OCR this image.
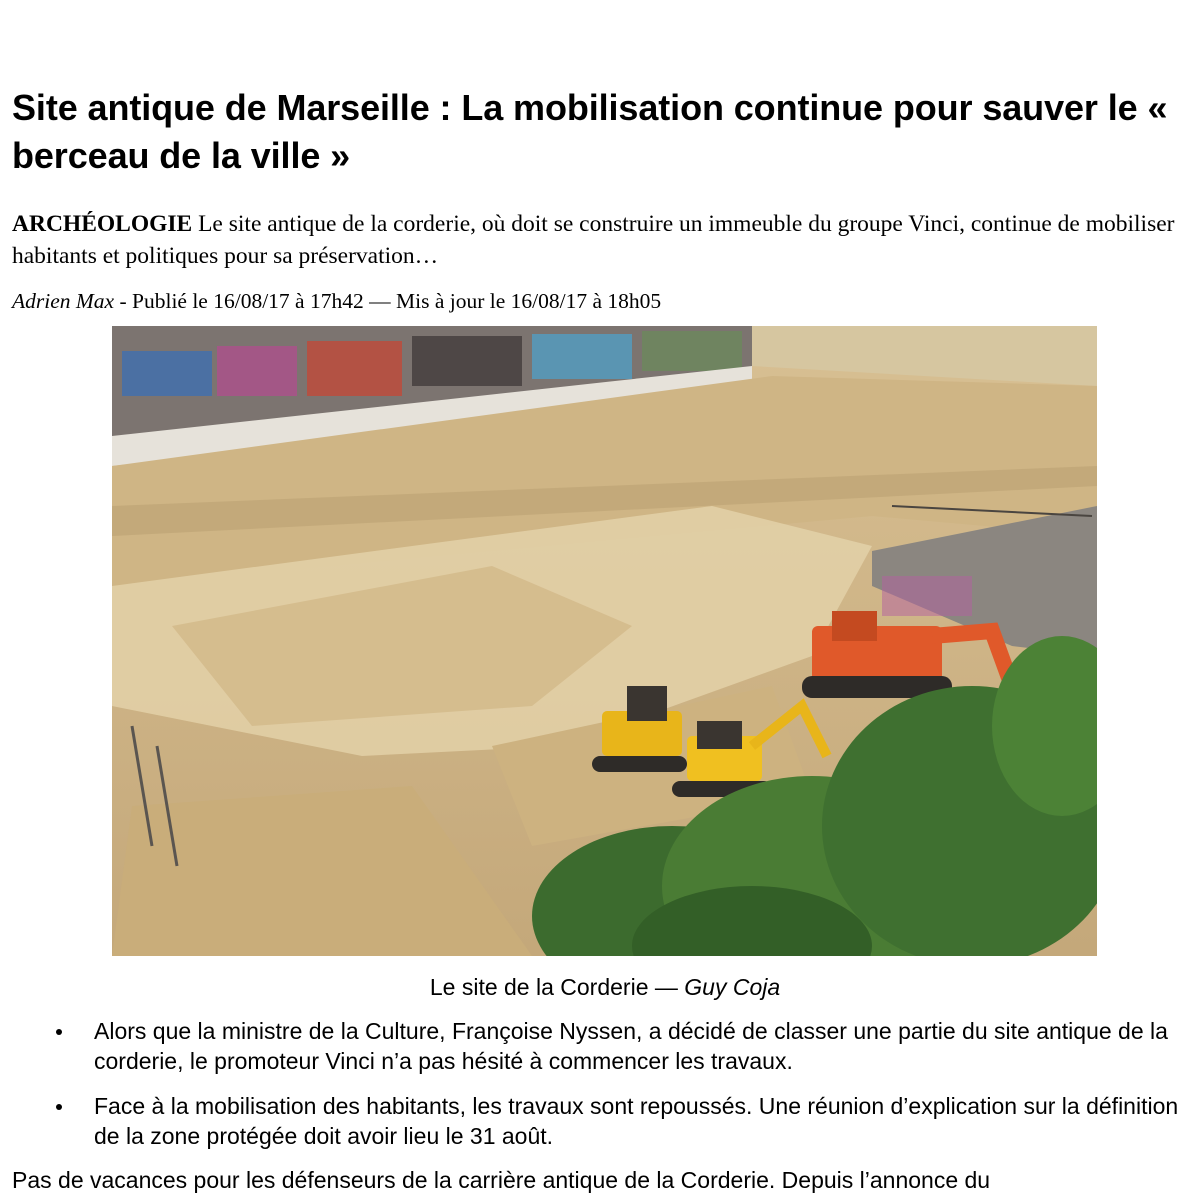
Site antique de Marseille : La mobilisation continue pour sauver le « berceau de la ville »

ARCHÉOLOGIE Le site antique de la corderie, où doit se construire un immeuble du groupe Vinci, continue de mobiliser habitants et politiques pour sa préservation…

Adrien Max - Publié le 16/08/17 à 17h42 — Mis à jour le 16/08/17 à 18h05

Le site de la Corderie — Guy Coja

Alors que la ministre de la Culture, Françoise Nyssen, a décidé de classer une partie du site antique de la corderie, le promoteur Vinci n’a pas hésité à commencer les travaux.
Face à la mobilisation des habitants, les travaux sont repoussés. Une réunion d’explication sur la définition de la zone protégée doit avoir lieu le 31 août.

Pas de vacances pour les défenseurs de la carrière antique de la Corderie. Depuis l’annonce du
